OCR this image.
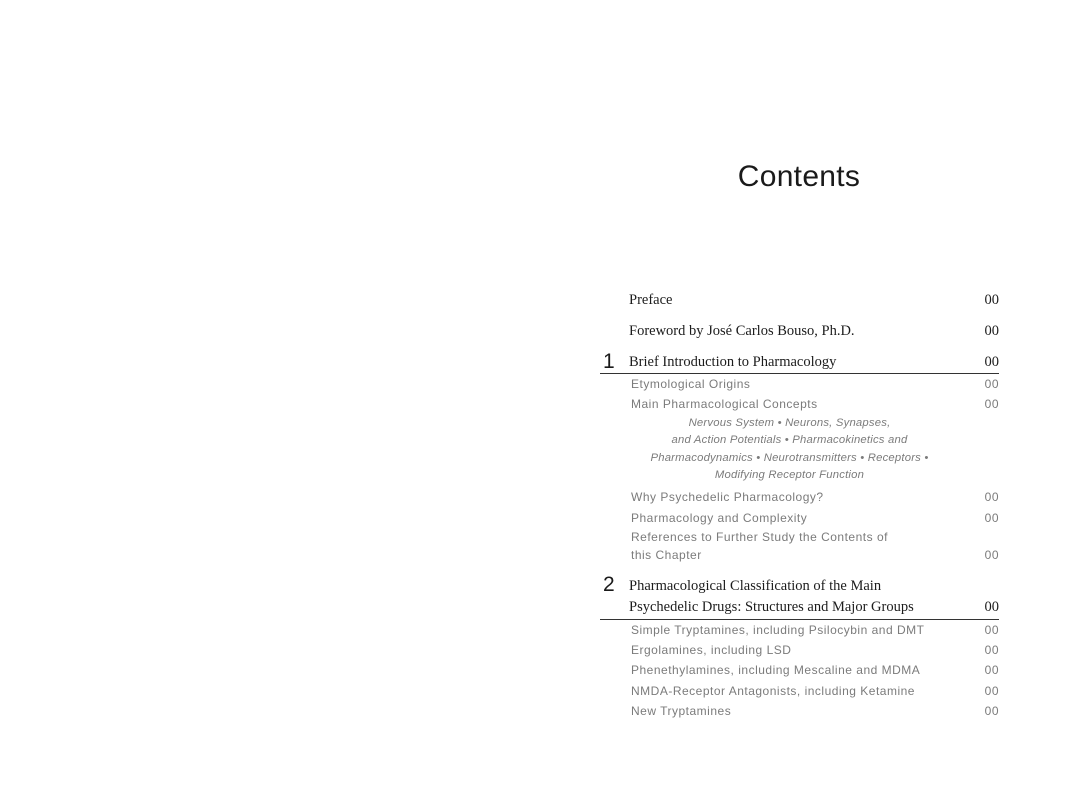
Contents
Preface	00
Foreword by José Carlos Bouso, Ph.D.	00
1 Brief Introduction to Pharmacology	00
Etymological Origins	00
Main Pharmacological Concepts	00
Nervous System • Neurons, Synapses,
and Action Potentials • Pharmacokinetics and
Pharmacodynamics • Neurotransmitters • Receptors •
Modifying Receptor Function
Why Psychedelic Pharmacology?	00
Pharmacology and Complexity	00
References to Further Study the Contents of
this Chapter	00
2 Pharmacological Classification of the Main
Psychedelic Drugs: Structures and Major Groups	00
Simple Tryptamines, including Psilocybin and DMT	00
Ergolamines, including LSD	00
Phenethylamines, including Mescaline and MDMA	00
NMDA-Receptor Antagonists, including Ketamine	00
New Tryptamines	00
